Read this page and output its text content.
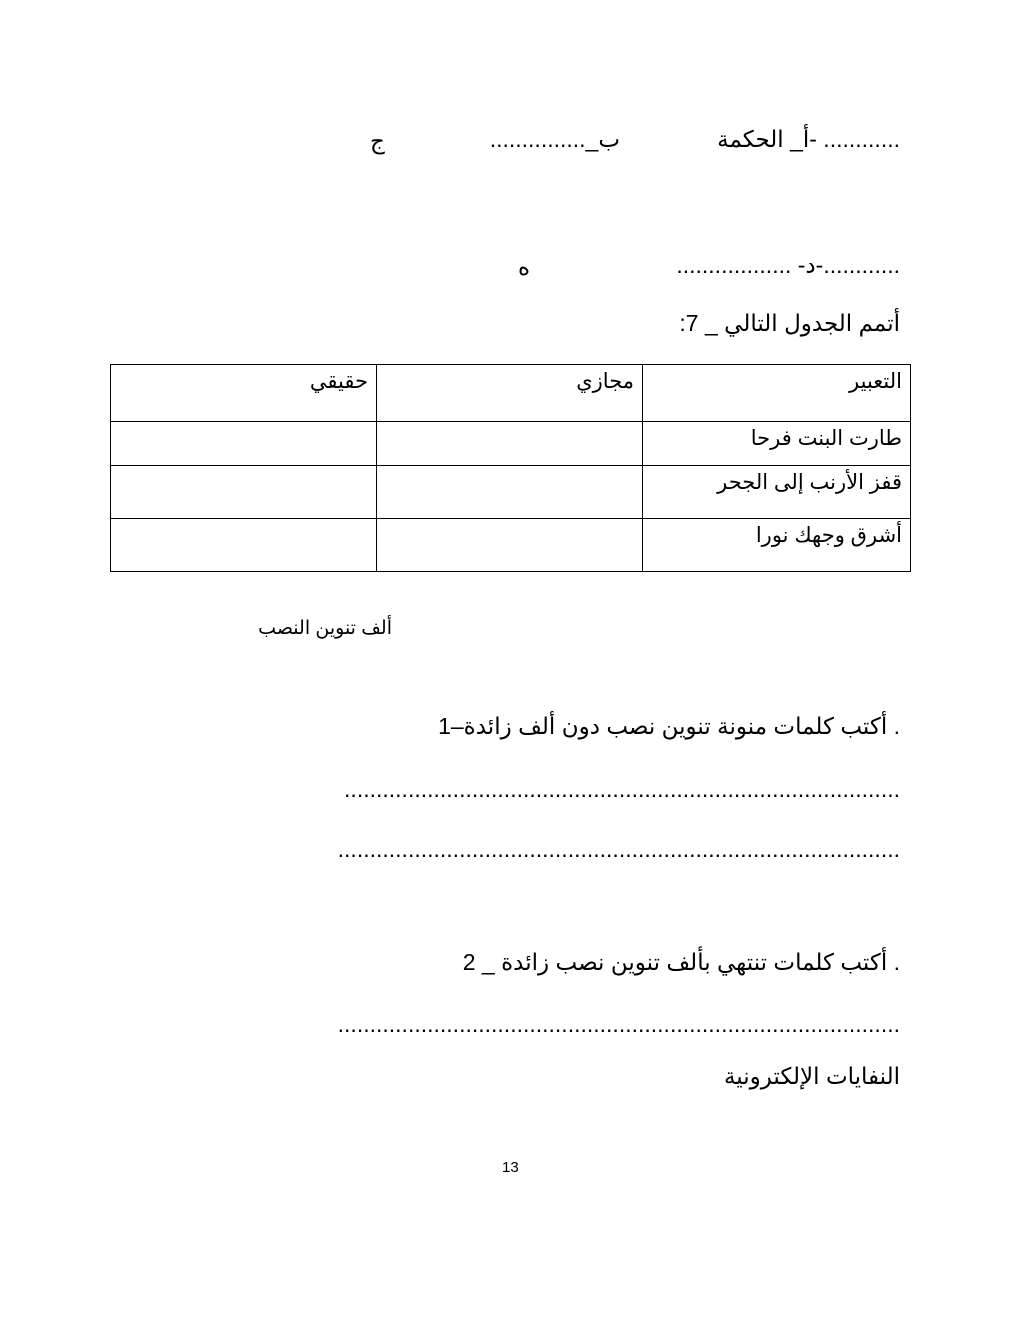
............ -أ_ الحكمة
ب_...............
ج
............-د- ..................
ه
أتمم الجدول التالي _ 7:
التعبير	مجازي	حقيقي
طارت البنت فرحا		
قفز الأرنب إلى الجحر		
أشرق وجهك نورا		
ألف تنوين النصب
. أكتب كلمات منونة تنوين نصب دون ألف زائدة–1
.......................................................................................
........................................................................................
. أكتب كلمات تنتهي بألف تنوين نصب زائدة _ 2
........................................................................................
النفايات الإلكترونية
13
